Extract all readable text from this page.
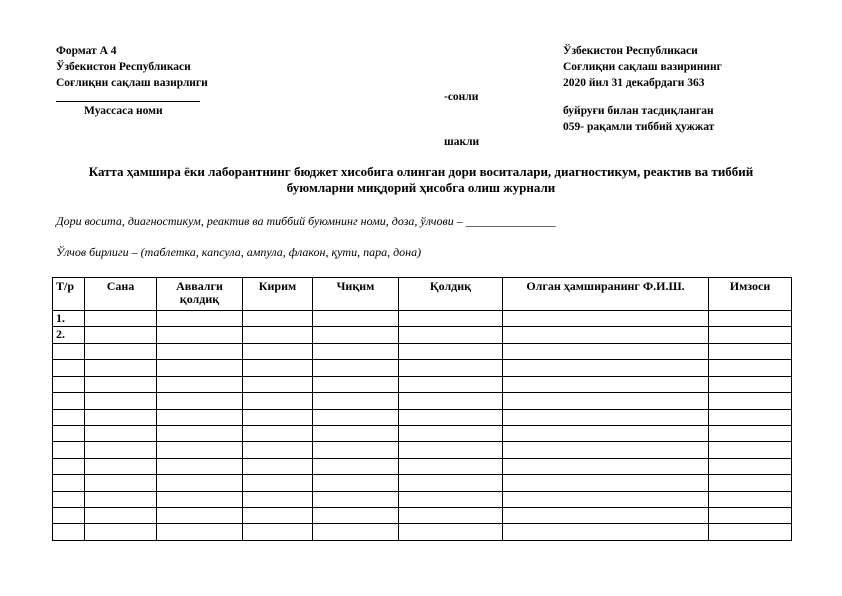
Формат А 4
Ўзбекистон Республикаси
Соғлиқни сақлаш вазирлиги
Муассаса номи
Ўзбекистон Республикаси
Соғлиқни сақлаш вазирининг
2020 йил 31 декабрдаги 363
-сонли
буйруғи билан тасдиқланган
059- рақамли тиббий ҳужжат
шакли
Катта ҳамшира ёки лаборантнинг бюджет хисобига олинган дори воситалари, диагностикум, реактив ва тиббий
буюмларни миқдорий ҳисобга олиш журнали
Дори восита, диагностикум, реактив ва тиббий буюмнинг номи, доза, ўлчови – _______________
Ўлчов бирлиги – (таблетка, капсула, ампула, флакон, қути, пара, дона)
Т/р	Сана	Аввалги қолдиқ	Кирим	Чиқим	Қолдиқ	Олган ҳамширанинг Ф.И.Ш.	Имзоси
1.							
2.							
